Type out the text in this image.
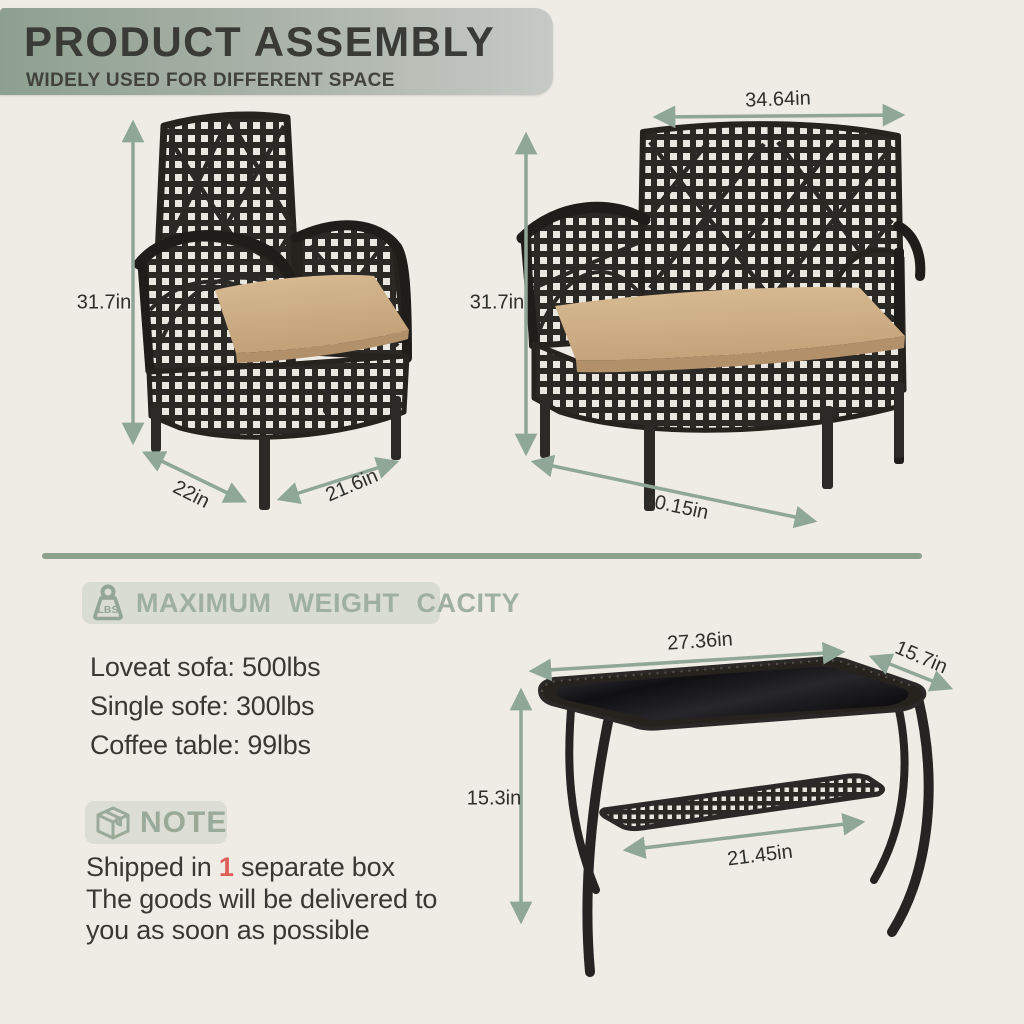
PRODUCT ASSEMBLY
WIDELY USED FOR DIFFERENT SPACE
31.7in
22in	21.6in
34.64in
31.7in
40.15in
27.36in	15.7in
15.3in
21.45in
LBS MAXIMUM WEIGHT CACITY
Loveat sofa: 500lbs
Single sofe: 300lbs
Coffee table: 99lbs
NOTE
Shipped in 1 separate box
The goods will be delivered to
you as soon as possible
